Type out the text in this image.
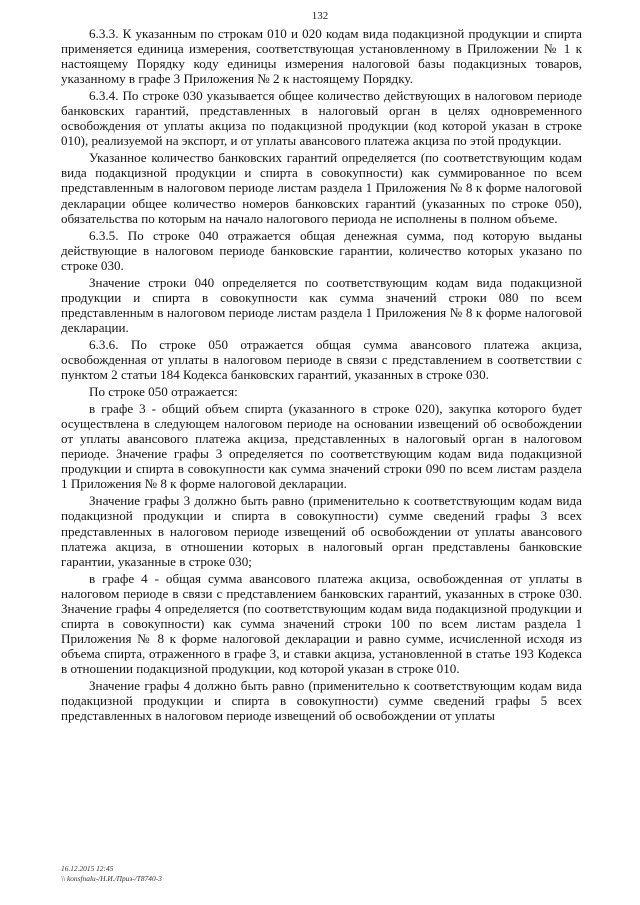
132

6.3.3. К указанным по строкам 010 и 020 кодам вида подакцизной продукции и спирта применяется единица измерения, соответствующая установленному в Приложении № 1 к настоящему Порядку коду единицы измерения налоговой базы подакцизных товаров, указанному в графе 3 Приложения № 2 к настоящему Порядку.

6.3.4. По строке 030 указывается общее количество действующих в налоговом периоде банковских гарантий, представленных в налоговый орган в целях одновременного освобождения от уплаты акциза по подакцизной продукции (код которой указан в строке 010), реализуемой на экспорт, и от уплаты авансового платежа акциза по этой продукции.

Указанное количество банковских гарантий определяется (по соответствующим кодам вида подакцизной продукции и спирта в совокупности) как суммированное по всем представленным в налоговом периоде листам раздела 1 Приложения № 8 к форме налоговой декларации общее количество номеров банковских гарантий (указанных по строке 050), обязательства по которым на начало налогового периода не исполнены в полном объеме.

6.3.5. По строке 040 отражается общая денежная сумма, под которую выданы действующие в налоговом периоде банковские гарантии, количество которых указано по строке 030.

Значение строки 040 определяется по соответствующим кодам вида подакцизной продукции и спирта в совокупности как сумма значений строки 080 по всем представленным в налоговом периоде листам раздела 1 Приложения № 8 к форме налоговой декларации.

6.3.6. По строке 050 отражается общая сумма авансового платежа акциза, освобожденная от уплаты в налоговом периоде в связи с представлением в соответствии с пунктом 2 статьи 184 Кодекса банковских гарантий, указанных в строке 030.

По строке 050 отражается:

в графе 3 - общий объем спирта (указанного в строке 020), закупка которого будет осуществлена в следующем налоговом периоде на основании извещений об освобождении от уплаты авансового платежа акциза, представленных в налоговый орган в налоговом периоде. Значение графы 3 определяется по соответствующим кодам вида подакцизной продукции и спирта в совокупности как сумма значений строки 090 по всем листам раздела 1 Приложения № 8 к форме налоговой декларации.

Значение графы 3 должно быть равно (применительно к соответствующим кодам вида подакцизной продукции и спирта в совокупности) сумме сведений графы 3 всех представленных в налоговом периоде извещений об освобождении от уплаты авансового платежа акциза, в отношении которых в налоговый орган представлены банковские гарантии, указанные в строке 030;

в графе 4 - общая сумма авансового платежа акциза, освобожденная от уплаты в налоговом периоде в связи с представлением банковских гарантий, указанных в строке 030. Значение графы 4 определяется (по соответствующим кодам вида подакцизной продукции и спирта в совокупности) как сумма значений строки 100 по всем листам раздела 1 Приложения № 8 к форме налоговой декларации и равно сумме, исчисленной исходя из объема спирта, отраженного в графе 3, и ставки акциза, установленной в статье 193 Кодекса в отношении подакцизной продукции, код которой указан в строке 010.

Значение графы 4 должно быть равно (применительно к соответствующим кодам вида подакцизной продукции и спирта в совокупности) сумме сведений графы 5 всех представленных в налоговом периоде извещений об освобождении от уплаты

16.12.2015 12:45
\\ konsfnalu-/Н.И./Приз-/Т8740-3
